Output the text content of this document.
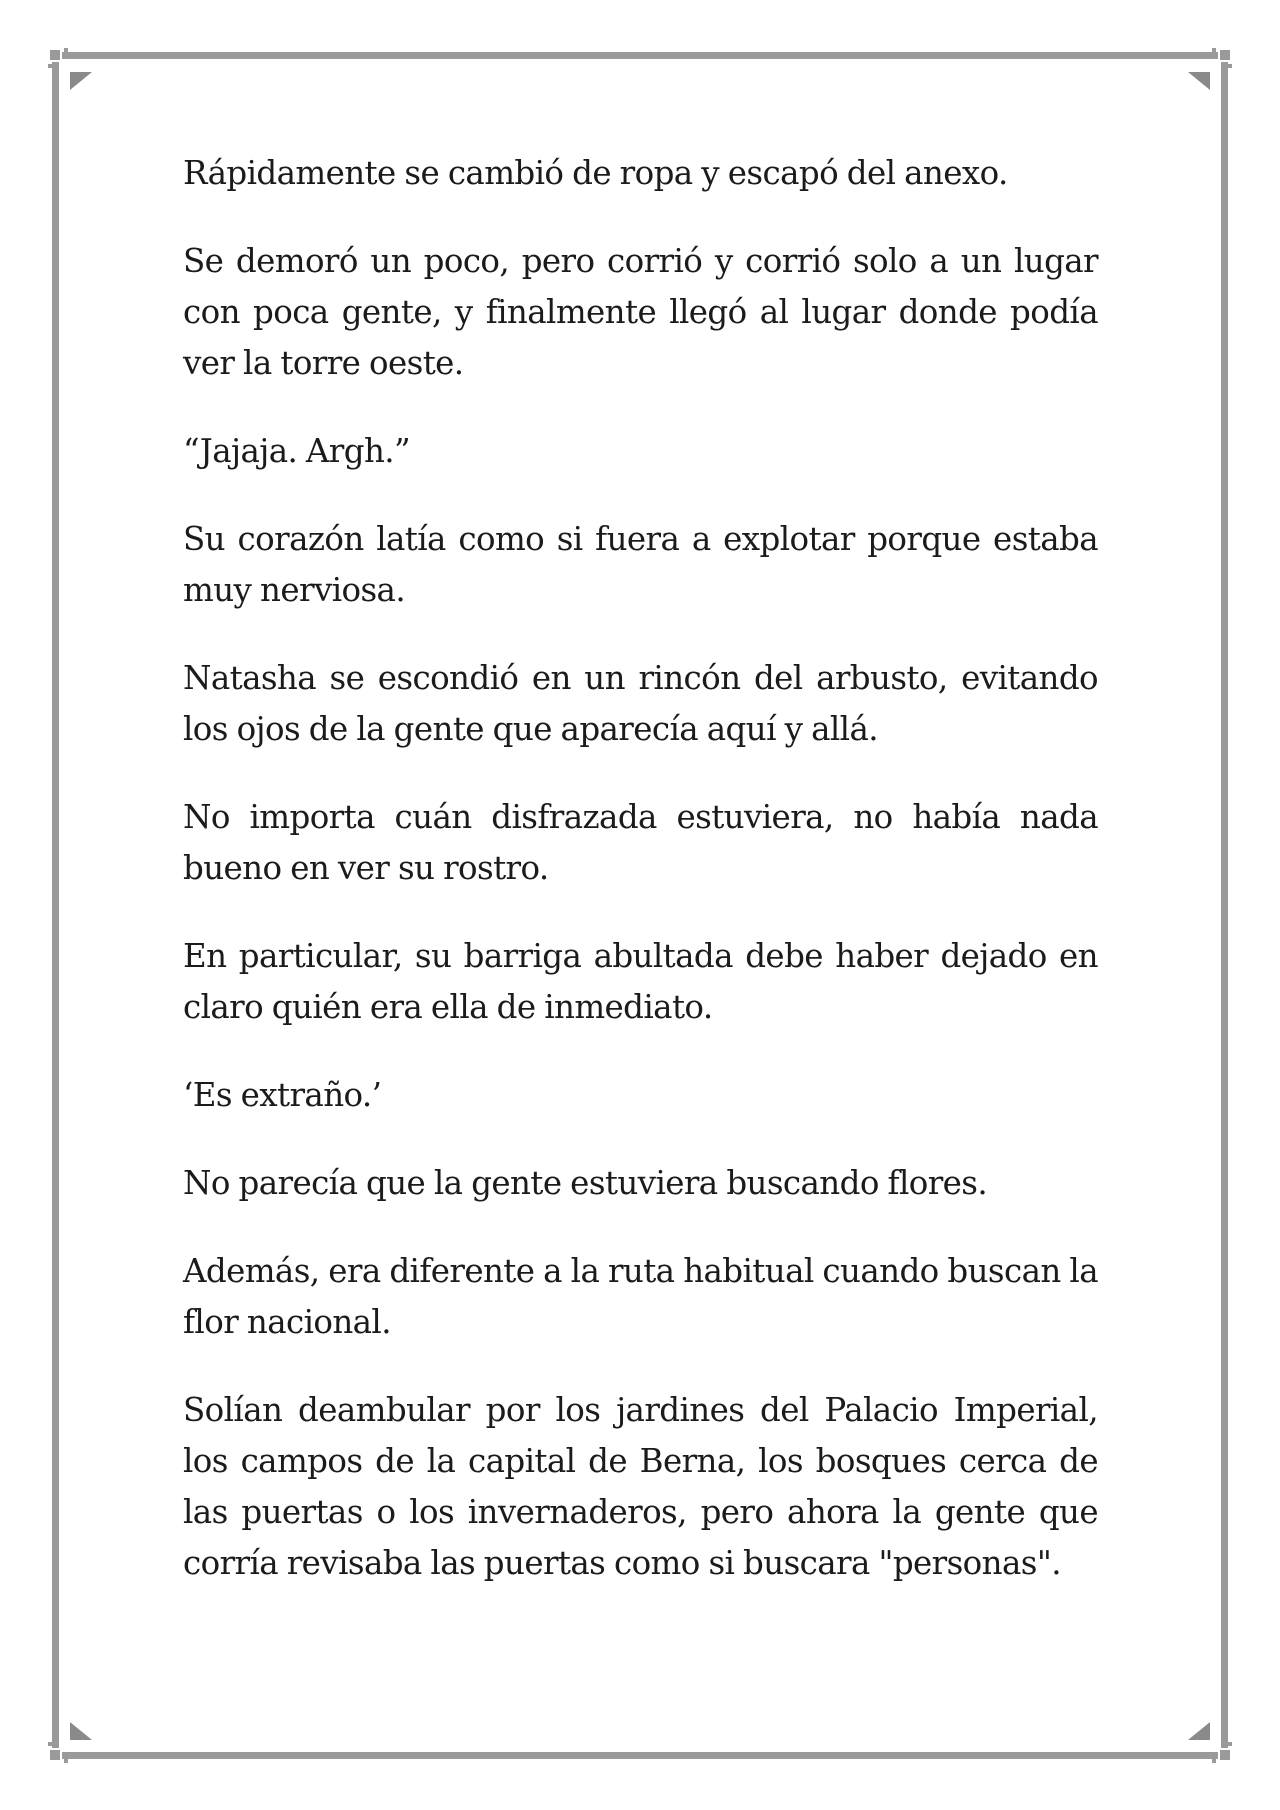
Rápidamente se cambió de ropa y escapó del anexo.

Se demoró un poco, pero corrió y corrió solo a un lugar con poca gente, y finalmente llegó al lugar donde podía ver la torre oeste.

“Jajaja. Argh.”

Su corazón latía como si fuera a explotar porque estaba muy nerviosa.

Natasha se escondió en un rincón del arbusto, evitando los ojos de la gente que aparecía aquí y allá.

No importa cuán disfrazada estuviera, no había nada bueno en ver su rostro.

En particular, su barriga abultada debe haber dejado en claro quién era ella de inmediato.

‘Es extraño.’

No parecía que la gente estuviera buscando flores.

Además, era diferente a la ruta habitual cuando buscan la flor nacional.

Solían deambular por los jardines del Palacio Imperial, los campos de la capital de Berna, los bosques cerca de las puertas o los invernaderos, pero ahora la gente que corría revisaba las puertas como si buscara "personas".
